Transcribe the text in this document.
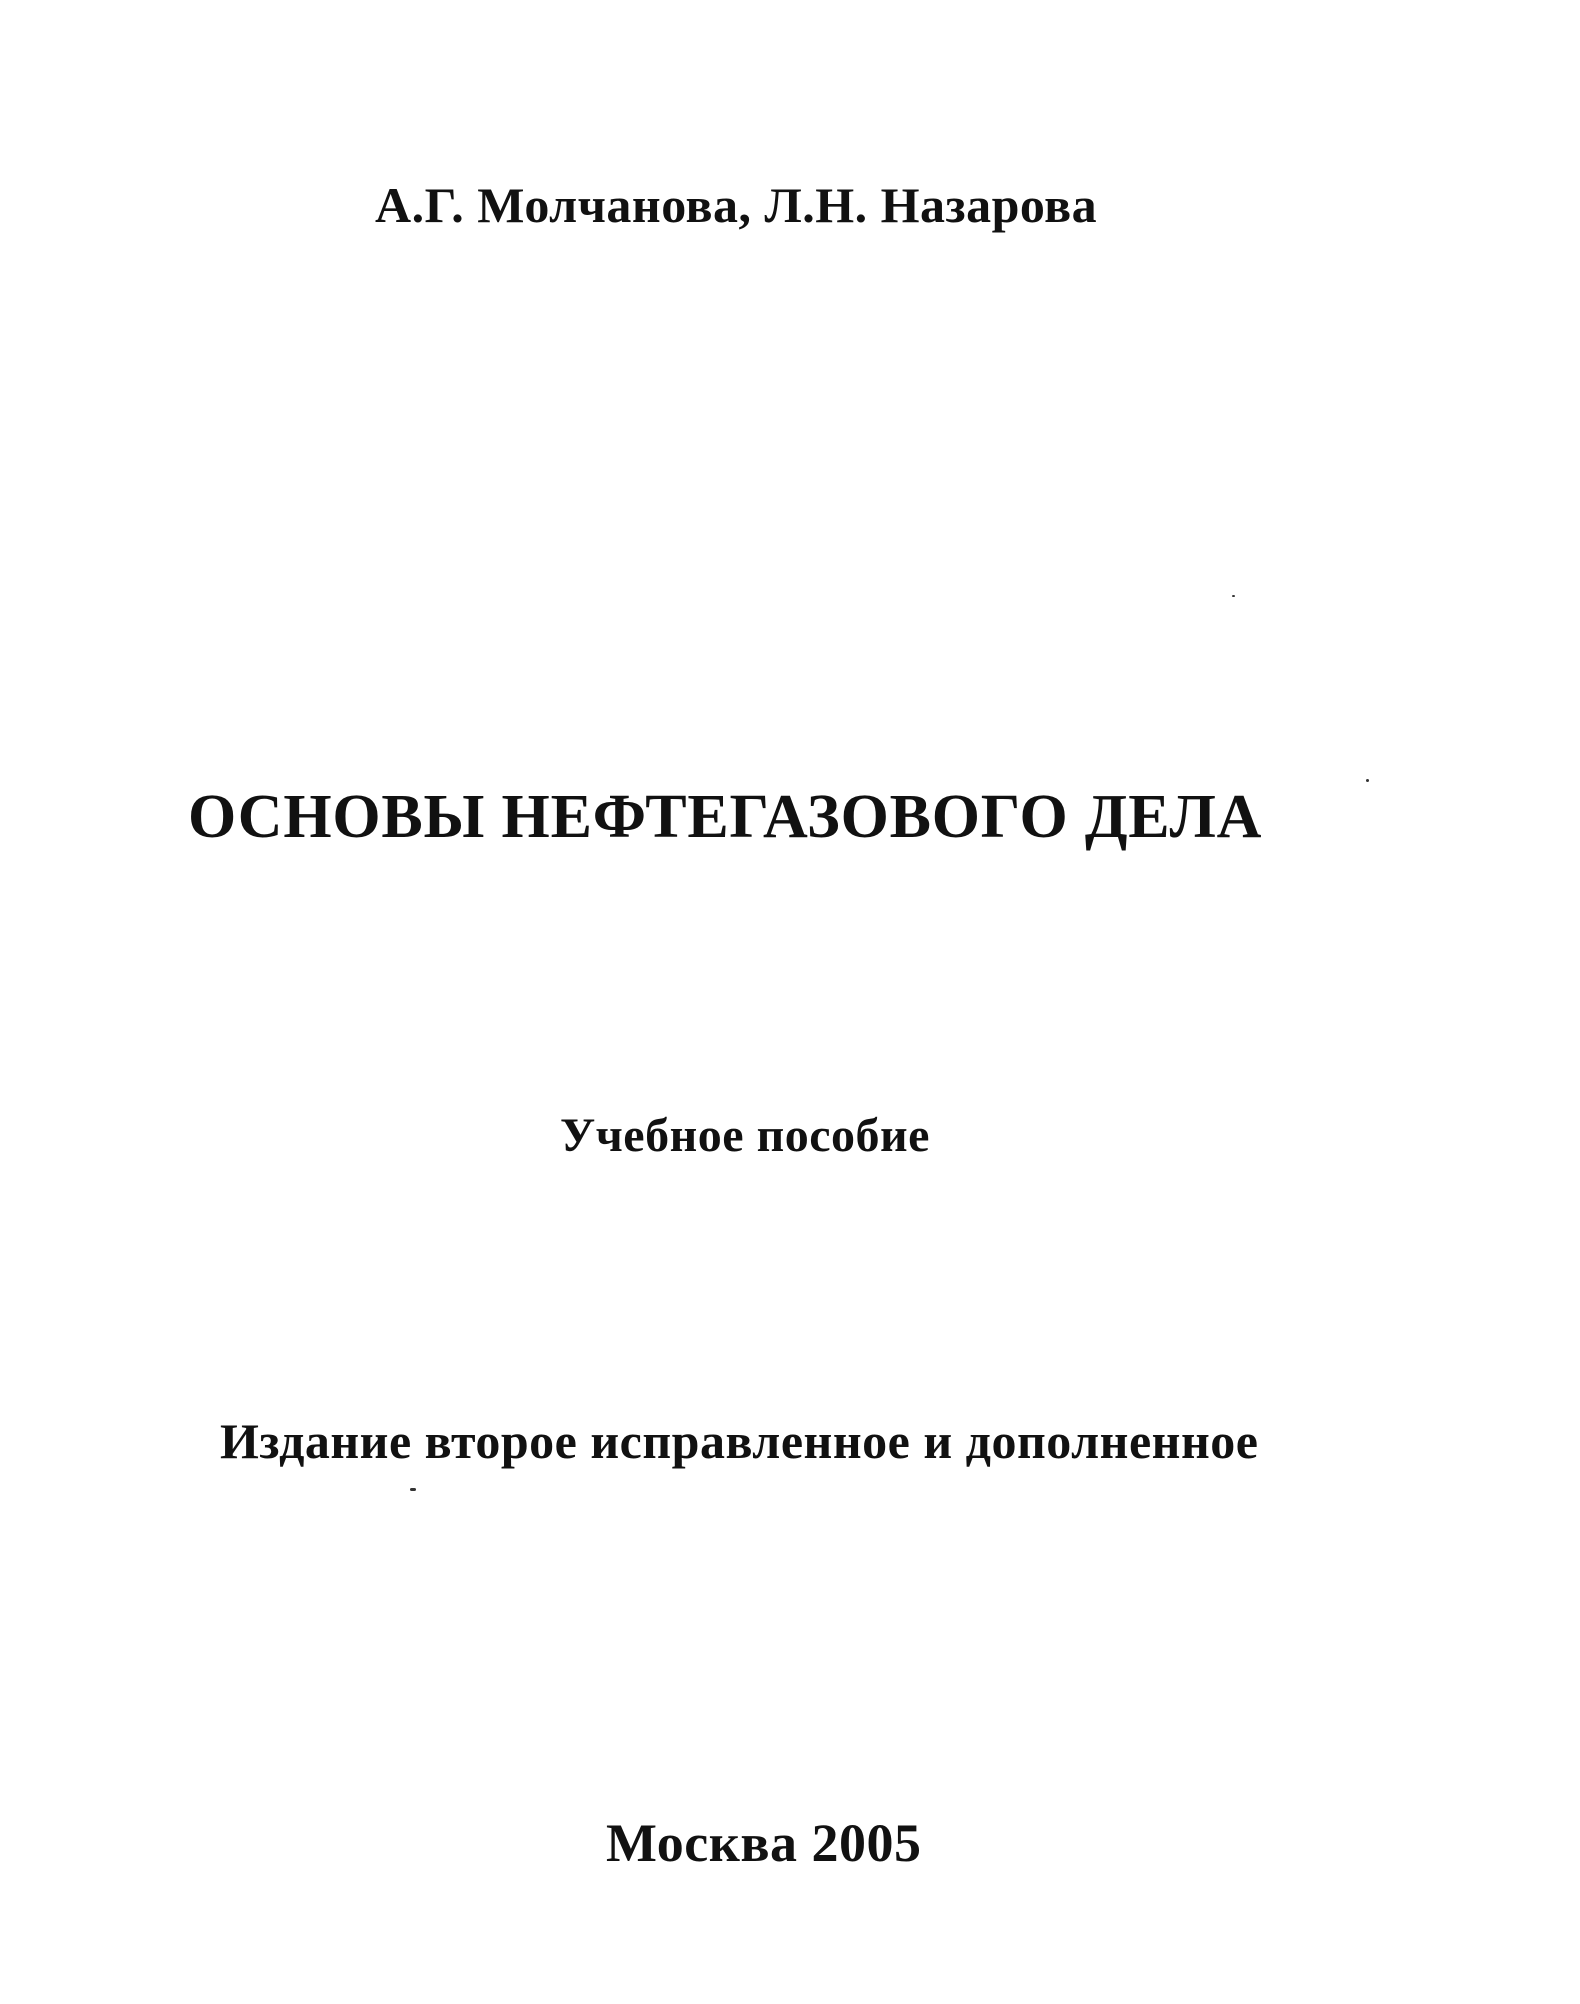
А.Г. Молчанова, Л.Н. Назарова
ОСНОВЫ НЕФТЕГАЗОВОГО ДЕЛА
Учебное пособие
Издание второе исправленное и дополненное
Москва 2005
